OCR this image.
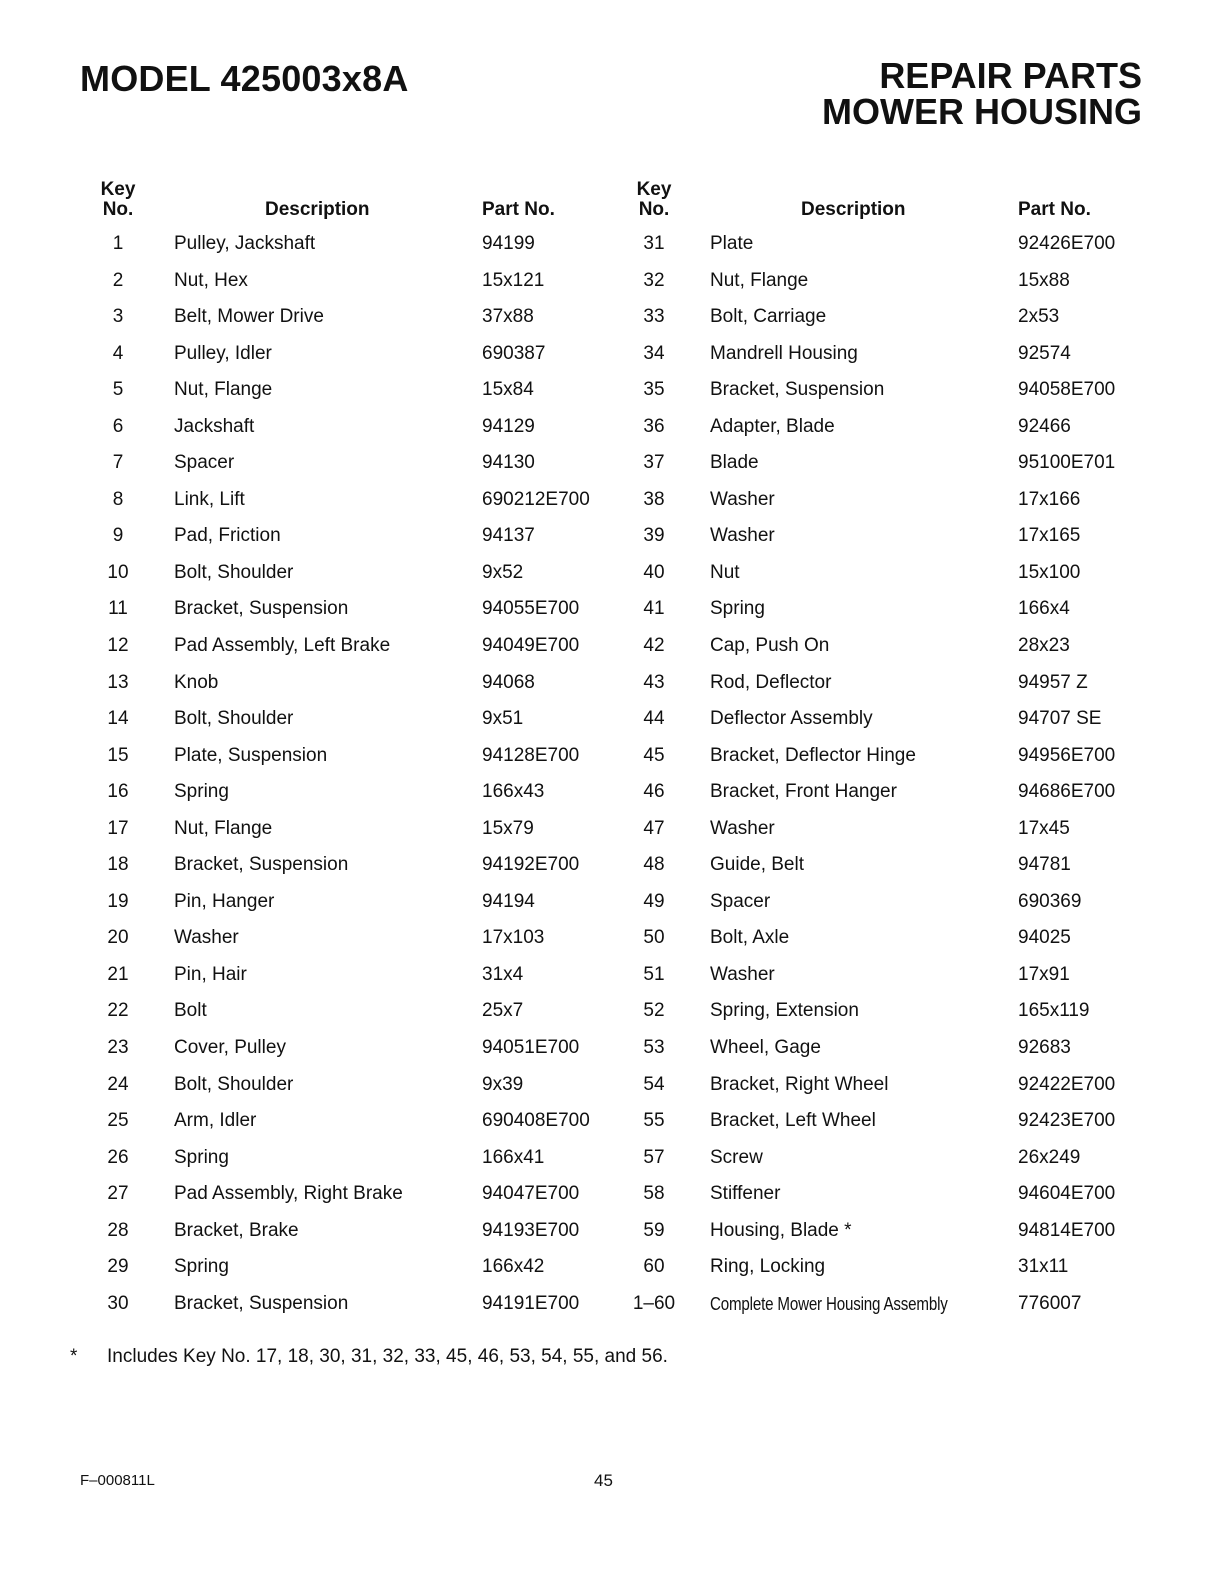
MODEL 425003x8A	REPAIR PARTS
MOWER HOUSING
Key
No.	Description	Part No.
Key
No.	Description	Part No.
1	Pulley, Jackshaft	94199
2	Nut, Hex	15x121
3	Belt, Mower Drive	37x88
4	Pulley, Idler	690387
5	Nut, Flange	15x84
6	Jackshaft	94129
7	Spacer	94130
8	Link, Lift	690212E700
9	Pad, Friction	94137
10	Bolt, Shoulder	9x52
11	Bracket, Suspension	94055E700
12	Pad Assembly, Left Brake	94049E700
13	Knob	94068
14	Bolt, Shoulder	9x51
15	Plate, Suspension	94128E700
16	Spring	166x43
17	Nut, Flange	15x79
18	Bracket, Suspension	94192E700
19	Pin, Hanger	94194
20	Washer	17x103
21	Pin, Hair	31x4
22	Bolt	25x7
23	Cover, Pulley	94051E700
24	Bolt, Shoulder	9x39
25	Arm, Idler	690408E700
26	Spring	166x41
27	Pad Assembly, Right Brake	94047E700
28	Bracket, Brake	94193E700
29	Spring	166x42
30	Bracket, Suspension	94191E700
31	Plate	92426E700
32	Nut, Flange	15x88
33	Bolt, Carriage	2x53
34	Mandrell Housing	92574
35	Bracket, Suspension	94058E700
36	Adapter, Blade	92466
37	Blade	95100E701
38	Washer	17x166
39	Washer	17x165
40	Nut	15x100
41	Spring	166x4
42	Cap, Push On	28x23
43	Rod, Deflector	94957 Z
44	Deflector Assembly	94707 SE
45	Bracket, Deflector Hinge	94956E700
46	Bracket, Front Hanger	94686E700
47	Washer	17x45
48	Guide, Belt	94781
49	Spacer	690369
50	Bolt, Axle	94025
51	Washer	17x91
52	Spring, Extension	165x119
53	Wheel, Gage	92683
54	Bracket, Right Wheel	92422E700
55	Bracket, Left Wheel	92423E700
57	Screw	26x249
58	Stiffener	94604E700
59	Housing, Blade *	94814E700
60	Ring, Locking	31x11
1–60	Complete Mower Housing Assembly	776007
* Includes Key No. 17, 18, 30, 31, 32, 33, 45, 46, 53, 54, 55, and 56.
F–000811L	45
